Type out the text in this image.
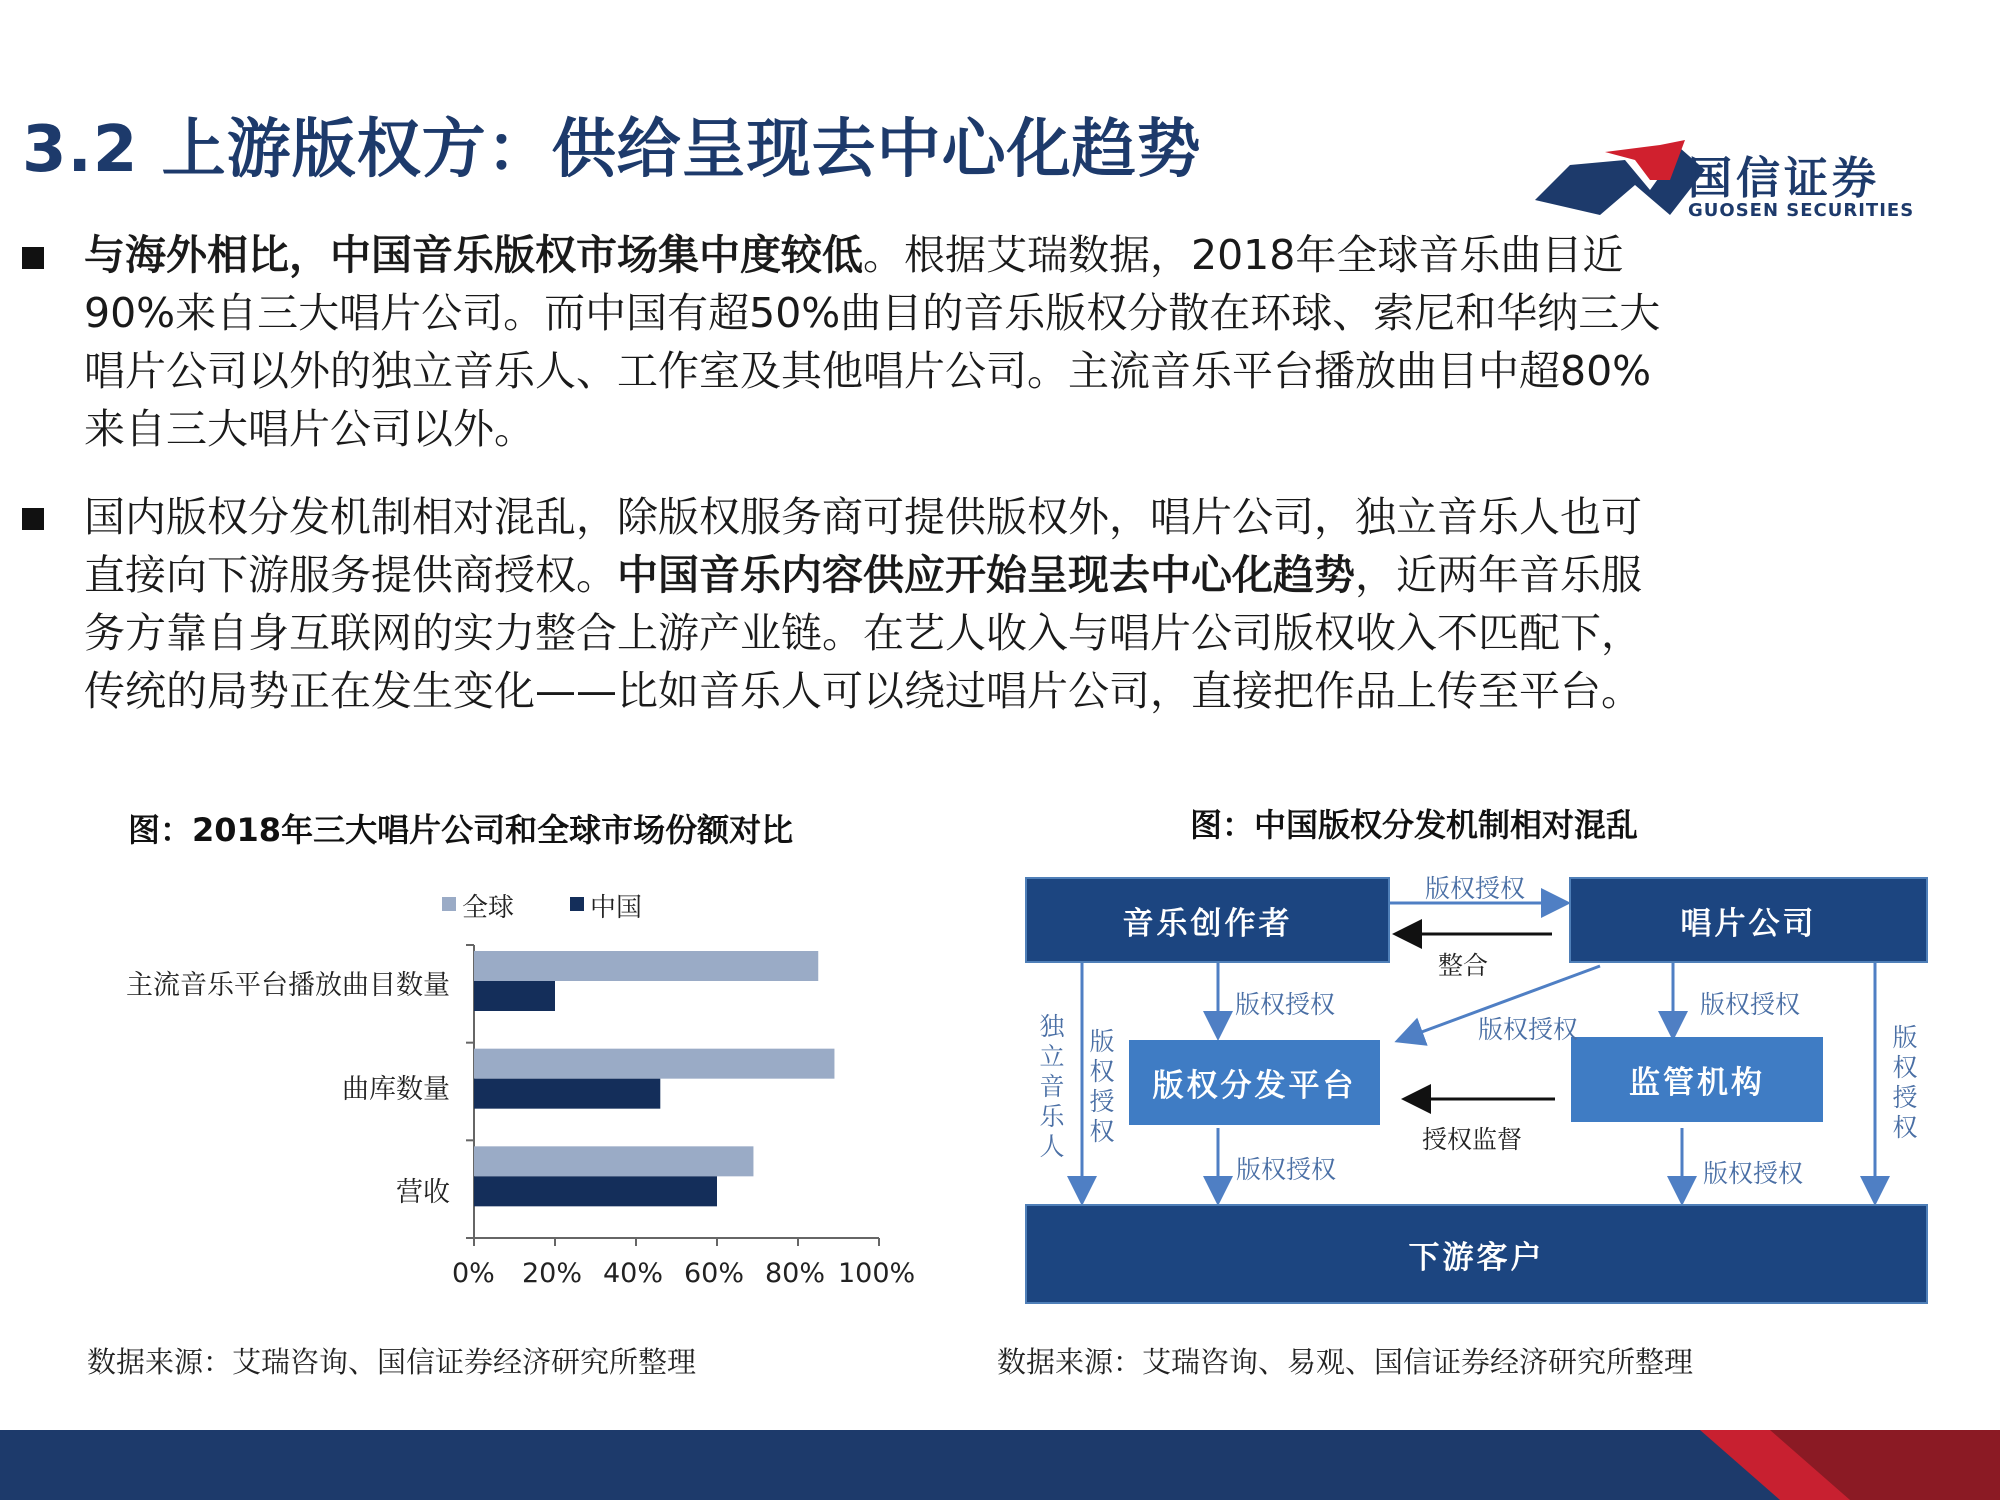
3.2 上游版权方：供给呈现去中心化趋势	国信证券
GUOSEN SECURITIES
与海外相比，中国音乐版权市场集中度较低。根据艾瑞数据，2018年全球音乐曲目近
90%来自三大唱片公司。而中国有超50%曲目的音乐版权分散在环球、索尼和华纳三大
唱片公司以外的独立音乐人、工作室及其他唱片公司。主流音乐平台播放曲目中超80%
来自三大唱片公司以外。
国内版权分发机制相对混乱，除版权服务商可提供版权外，唱片公司，独立音乐人也可
直接向下游服务提供商授权。中国音乐内容供应开始呈现去中心化趋势，近两年音乐服
务方靠自身互联网的实力整合上游产业链。在艺人收入与唱片公司版权收入不匹配下，
传统的局势正在发生变化——比如音乐人可以绕过唱片公司，直接把作品上传至平台。
图：2018年三大唱片公司和全球市场份额对比
全球	中国
主流音乐平台播放曲目数量
曲库数量
营收
0% 20% 40% 60% 80% 100%
数据来源：艾瑞咨询、国信证券经济研究所整理
图：中国版权分发机制相对混乱
音乐创作者	唱片公司
版权分发平台	监管机构
下游客户
版权授权
整合
版权授权	版权授权
版权授权
授权监督
版权授权	版权授权
独立音乐人
版权授权
版权授权
数据来源：艾瑞咨询、易观、国信证券经济研究所整理
